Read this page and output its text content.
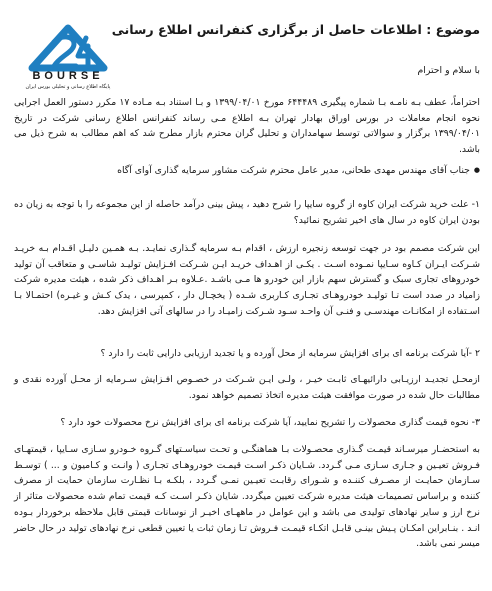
BOURSE
پایگاه اطلاع رسانی و تحلیلی بورس ایران
موضوع : اطلاعات حاصل از برگزاری کنفرانس اطلاع رسانی
با سلام و احترام
احتراماً، عطف بـه نامـه بـا شماره پیگیری ۶۴۴۴۸۹ مورخ ۱۳۹۹/۰۴/۰۱ و بـا استناد بـه مـاده ۱۷ مکرر دستور العمل اجرایی نحوه انجام معاملات در بورس اوراق بهادار تهران بـه اطلاع مـی رساند کنفرانس اطلاع رسانی شرکت در تاریخ ۱۳۹۹/۰۴/۰۱ برگزار و سوالاتی توسط سهامداران و تحلیل گران محترم بازار مطرح شد که اهم مطالب به شرح ذیل می باشد.
● جناب آقای مهندس مهدی طحانی، مدیر عامل محترم شرکت مشاور سرمایه گذاری آوای آگاه
۱- علت خرید شرکت ایران کاوه از گروه سایپا را شرح دهید ، پیش بینی درآمد حاصله از این مجموعه را با توجه به زیان ده بودن ایران کاوه در سال های اخیر تشریح نمائید؟
این شرکت مصمم بود در جهت توسعه زنجیره ارزش ، اقدام بـه سرمایه گـذاری نمایـد. بـه همـین دلیـل اقـدام بـه خریـد شـرکت ایـران کـاوه سـایپا نمـوده اسـت . یکـی از اهـداف خریـد ایـن شـرکت افـزایش تولیـد شاسـی و متعاقب آن تولید خودروهای تجاری سبک و گسترش سهم بازار این خودرو ها مـی باشـد .عـلاوه بـر اهـداف ذکر شده ، هیئت مدیره شرکت زامیاد در صدد است تـا تولیـد خودروهـای تجـاری کـاربری شـده ( یخچـال دار ، کمپرسی ، یدک کـش و غیـره) احتمـالا بـا اسـتفاده از امکانـات مهندسـی و فنـی آن واحـد سـود شـرکت زامیـاد را در سالهای آتی افزایش دهد.
۲ -آیا شرکت برنامه ای برای افزایش سرمایه از محل آورده و یا تجدید ارزیابی دارایی ثابت را دارد ؟
ازمحـل تجدیـد ارزیـابی دارائیهـای ثابـت خیـر ، ولـی ایـن شـرکت در خصـوص افـزایش سـرمایه از محـل آورده نقدی و مطالبات حال شده در صورت موافقت هیئت مدیره اتخاذ تصمیم خواهد نمود.
۳- نحوه قیمت گذاری محصولات را تشریح نمایید، آیا شرکت برنامه ای برای افزایش نرخ محصولات خود دارد ؟
به استحضـار میرسـاند قیمـت گـذاری محصـولات بـا هماهنگـی و تحـت سیاسـتهای گـروه خـودرو سـازی سـایپا ، قیمتهـای فـروش تعیـین و جـاری سـازی مـی گـردد. شـایان ذکـر اسـت قیمـت خودروهـای تجـاری ( وانـت و کـامیون و ... ) توسـط سـازمان حمایـت از مصـرف کننـده و شـورای رقابـت تعیـین نمـی گـردد ، بلکـه بـا نظـارت سازمان حمایت از مصرف کننده و براساس تصمیمات هیئت مدیره شرکت تعیین میگردد. شایان ذکـر اسـت کـه قیمت تمام شده محصولات متاثر از نرخ ارز و سایر نهادهای تولیدی می باشد و این عوامل در ماههـای اخیـر از نوسانات قیمتی قابل ملاحظه برخوردار بـوده انـد . بنـابراین امکـان پـیش بینـی قابـل اتکـاء قیمـت فـروش تـا زمان ثبات یا تعیین قطعی نرخ نهادهای تولید در حال حاضر میسر نمی باشد.
